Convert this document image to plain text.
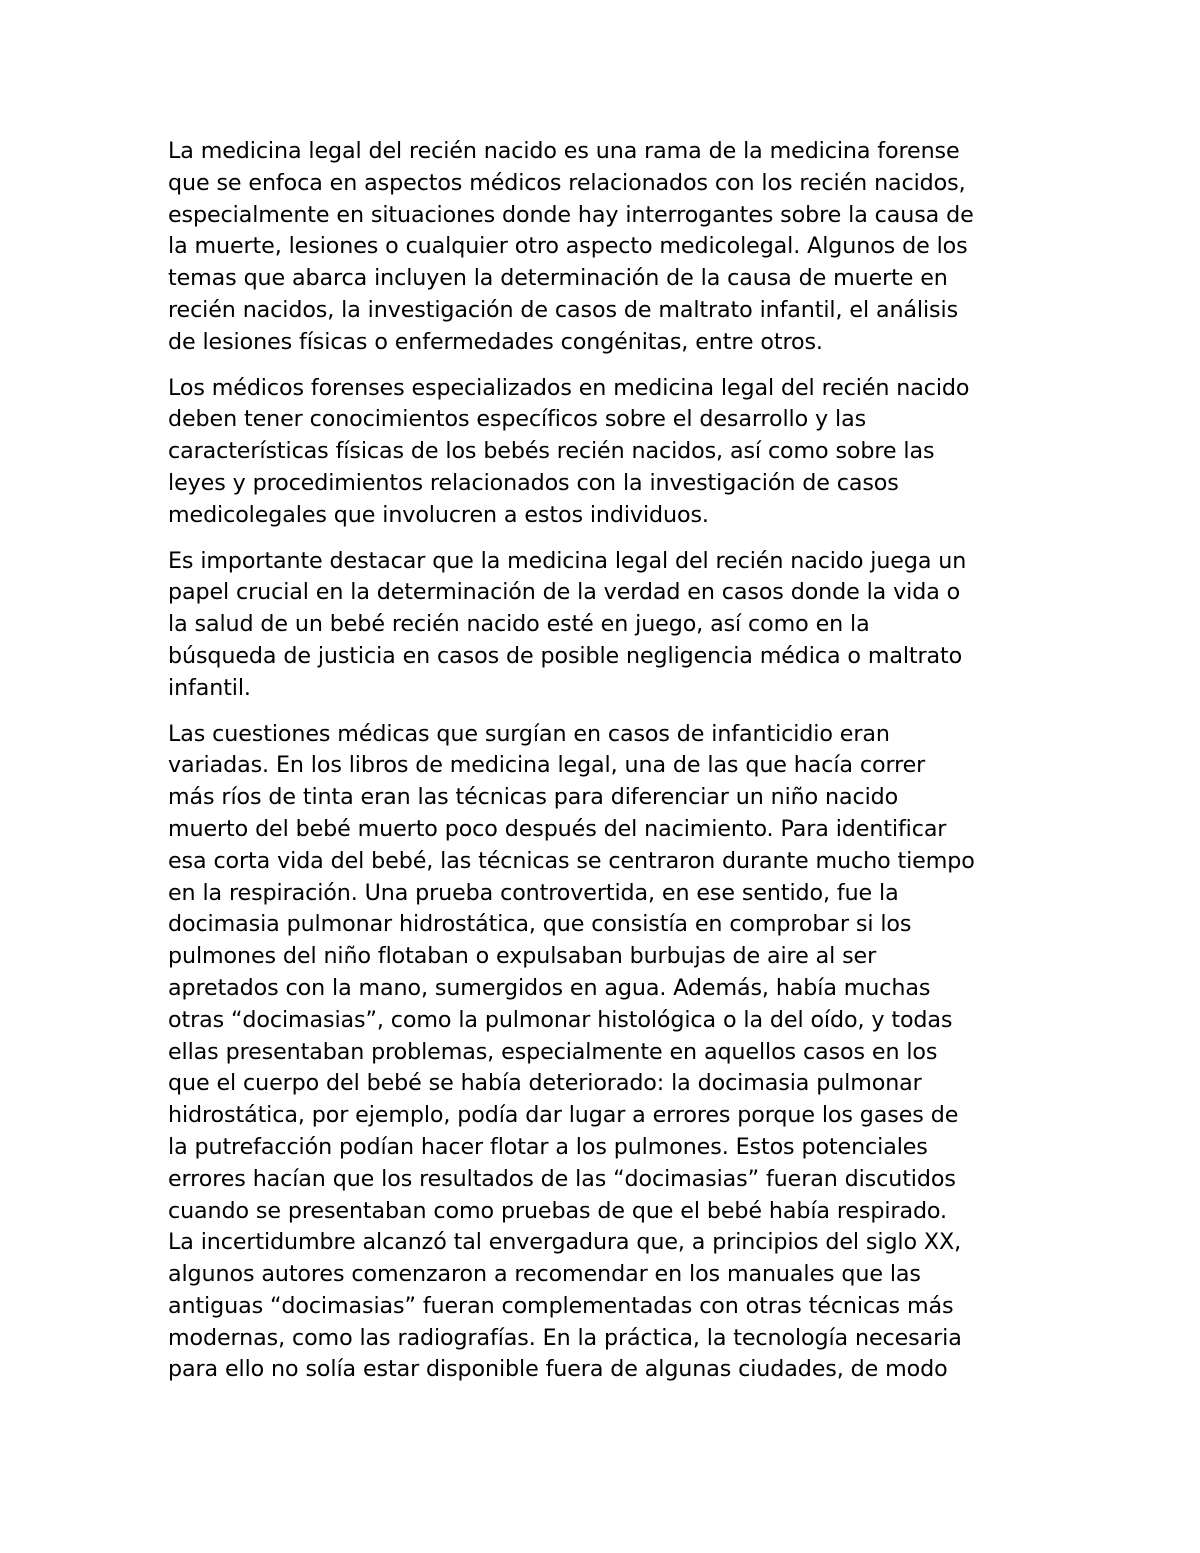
La medicina legal del recién nacido es una rama de la medicina forense
que se enfoca en aspectos médicos relacionados con los recién nacidos,
especialmente en situaciones donde hay interrogantes sobre la causa de
la muerte, lesiones o cualquier otro aspecto medicolegal. Algunos de los
temas que abarca incluyen la determinación de la causa de muerte en
recién nacidos, la investigación de casos de maltrato infantil, el análisis
de lesiones físicas o enfermedades congénitas, entre otros.

Los médicos forenses especializados en medicina legal del recién nacido
deben tener conocimientos específicos sobre el desarrollo y las
características físicas de los bebés recién nacidos, así como sobre las
leyes y procedimientos relacionados con la investigación de casos
medicolegales que involucren a estos individuos.

Es importante destacar que la medicina legal del recién nacido juega un
papel crucial en la determinación de la verdad en casos donde la vida o
la salud de un bebé recién nacido esté en juego, así como en la
búsqueda de justicia en casos de posible negligencia médica o maltrato
infantil.

Las cuestiones médicas que surgían en casos de infanticidio eran
variadas. En los libros de medicina legal, una de las que hacía correr
más ríos de tinta eran las técnicas para diferenciar un niño nacido
muerto del bebé muerto poco después del nacimiento. Para identificar
esa corta vida del bebé, las técnicas se centraron durante mucho tiempo
en la respiración. Una prueba controvertida, en ese sentido, fue la
docimasia pulmonar hidrostática, que consistía en comprobar si los
pulmones del niño flotaban o expulsaban burbujas de aire al ser
apretados con la mano, sumergidos en agua. Además, había muchas
otras “docimasias”, como la pulmonar histológica o la del oído, y todas
ellas presentaban problemas, especialmente en aquellos casos en los
que el cuerpo del bebé se había deteriorado: la docimasia pulmonar
hidrostática, por ejemplo, podía dar lugar a errores porque los gases de
la putrefacción podían hacer flotar a los pulmones. Estos potenciales
errores hacían que los resultados de las “docimasias” fueran discutidos
cuando se presentaban como pruebas de que el bebé había respirado.
La incertidumbre alcanzó tal envergadura que, a principios del siglo XX,
algunos autores comenzaron a recomendar en los manuales que las
antiguas “docimasias” fueran complementadas con otras técnicas más
modernas, como las radiografías. En la práctica, la tecnología necesaria
para ello no solía estar disponible fuera de algunas ciudades, de modo
